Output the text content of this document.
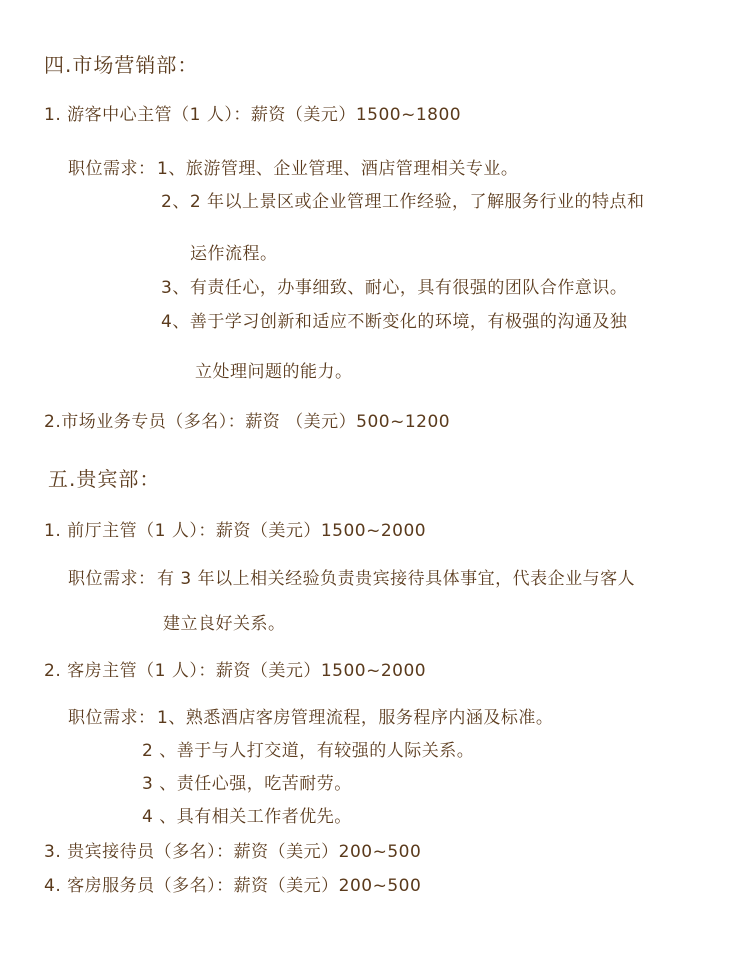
四.市场营销部：
1. 游客中心主管（1 人）：薪资（美元）1500~1800
职位需求： 1、旅游管理、企业管理、酒店管理相关专业。
2、2 年以上景区或企业管理工作经验，了解服务行业的特点和
运作流程。
3、有责任心，办事细致、耐心，具有很强的团队合作意识。
4、善于学习创新和适应不断变化的环境，有极强的沟通及独
立处理问题的能力。
2.市场业务专员（多名）：薪资 （美元）500~1200
五.贵宾部：
1. 前厅主管（1 人）：薪资（美元）1500~2000
职位需求： 有 3 年以上相关经验负责贵宾接待具体事宜，代表企业与客人
建立良好关系。
2. 客房主管（1 人）：薪资（美元）1500~2000
职位需求： 1、熟悉酒店客房管理流程，服务程序内涵及标准。
2 、善于与人打交道，有较强的人际关系。
3 、责任心强，吃苦耐劳。
4 、具有相关工作者优先。
3. 贵宾接待员（多名）：薪资（美元）200~500
4. 客房服务员（多名）：薪资（美元）200~500
